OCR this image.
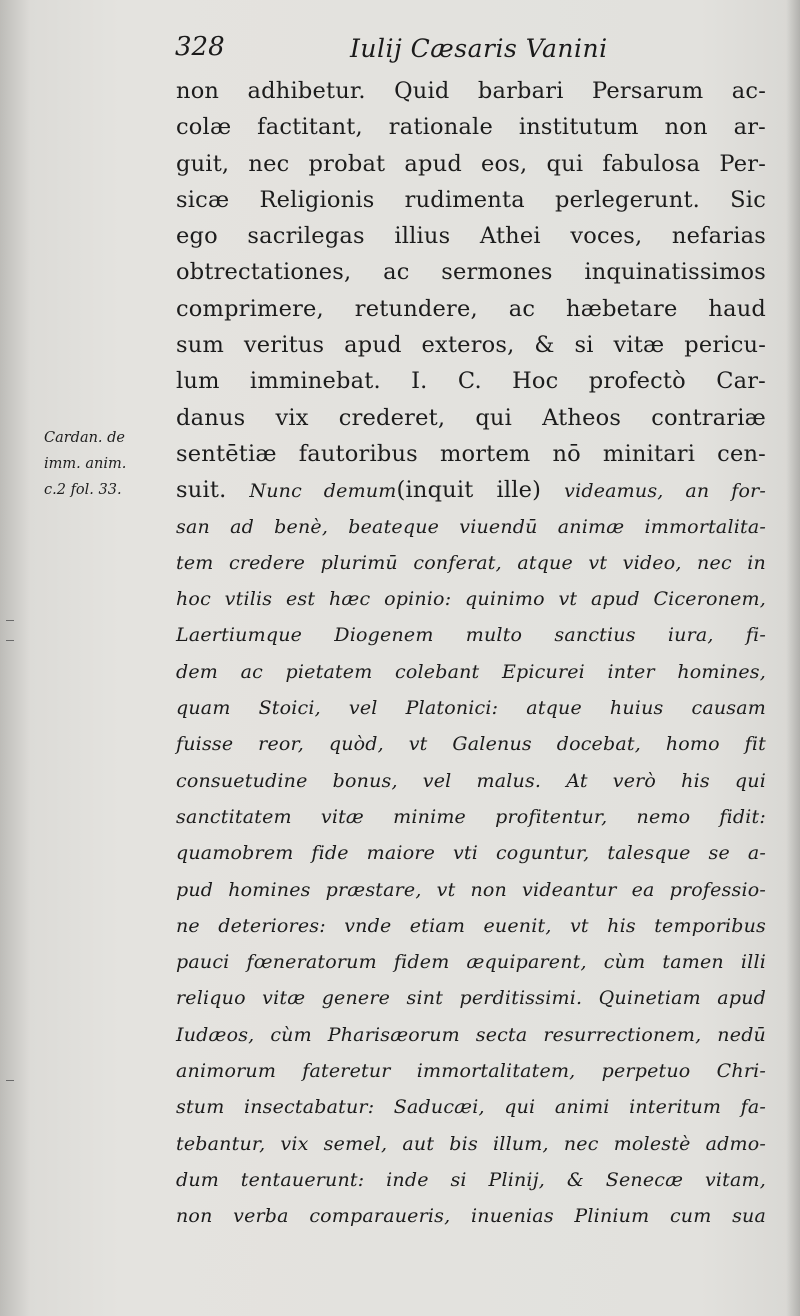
328	Iulij Cæsaris Vanini
Cardan. de
imm. anim.
c.2 fol. 33.
non adhibetur. Quid barbari Persarum ac-
colæ factitant, rationale institutum non ar-
guit, nec probat apud eos, qui fabulosa Per-
sicæ Religionis rudimenta perlegerunt. Sic
ego sacrilegas illius Athei voces, nefarias
obtrectationes, ac sermones inquinatissimos
comprimere, retundere, ac hæbetare haud
sum veritus apud exteros, & si vitæ pericu-
lum imminebat. I. C. Hoc profectò Car-
danus vix crederet, qui Atheos contrariæ
sentētiæ fautoribus mortem nō minitari cen-
suit. Nunc demum(inquit ille) videamus, an for-
san ad benè, beateque viuendū animæ immortalita-
tem credere plurimū conferat, atque vt video, nec in
hoc vtilis est hæc opinio: quinimo vt apud Ciceronem,
Laertiumque Diogenem multo sanctius iura, fi-
dem ac pietatem colebant Epicurei inter homines,
quam Stoici, vel Platonici: atque huius causam
fuisse reor, quòd, vt Galenus docebat, homo fit
consuetudine bonus, vel malus. At verò his qui
sanctitatem vitæ minime profitentur, nemo fidit:
quamobrem fide maiore vti coguntur, talesque se a-
pud homines præstare, vt non videantur ea professio-
ne deteriores: vnde etiam euenit, vt his temporibus
pauci fœneratorum fidem æquiparent, cùm tamen illi
reliquo vitæ genere sint perditissimi. Quinetiam apud
Iudæos, cùm Pharisæorum secta resurrectionem, nedū
animorum fateretur immortalitatem, perpetuo Chri-
stum insectabatur: Saducæi, qui animi interitum fa-
tebantur, vix semel, aut bis illum, nec molestè admo-
dum tentauerunt: inde si Plinij, & Senecæ vitam,
non verba comparaueris, inuenias Plinium cum sua
